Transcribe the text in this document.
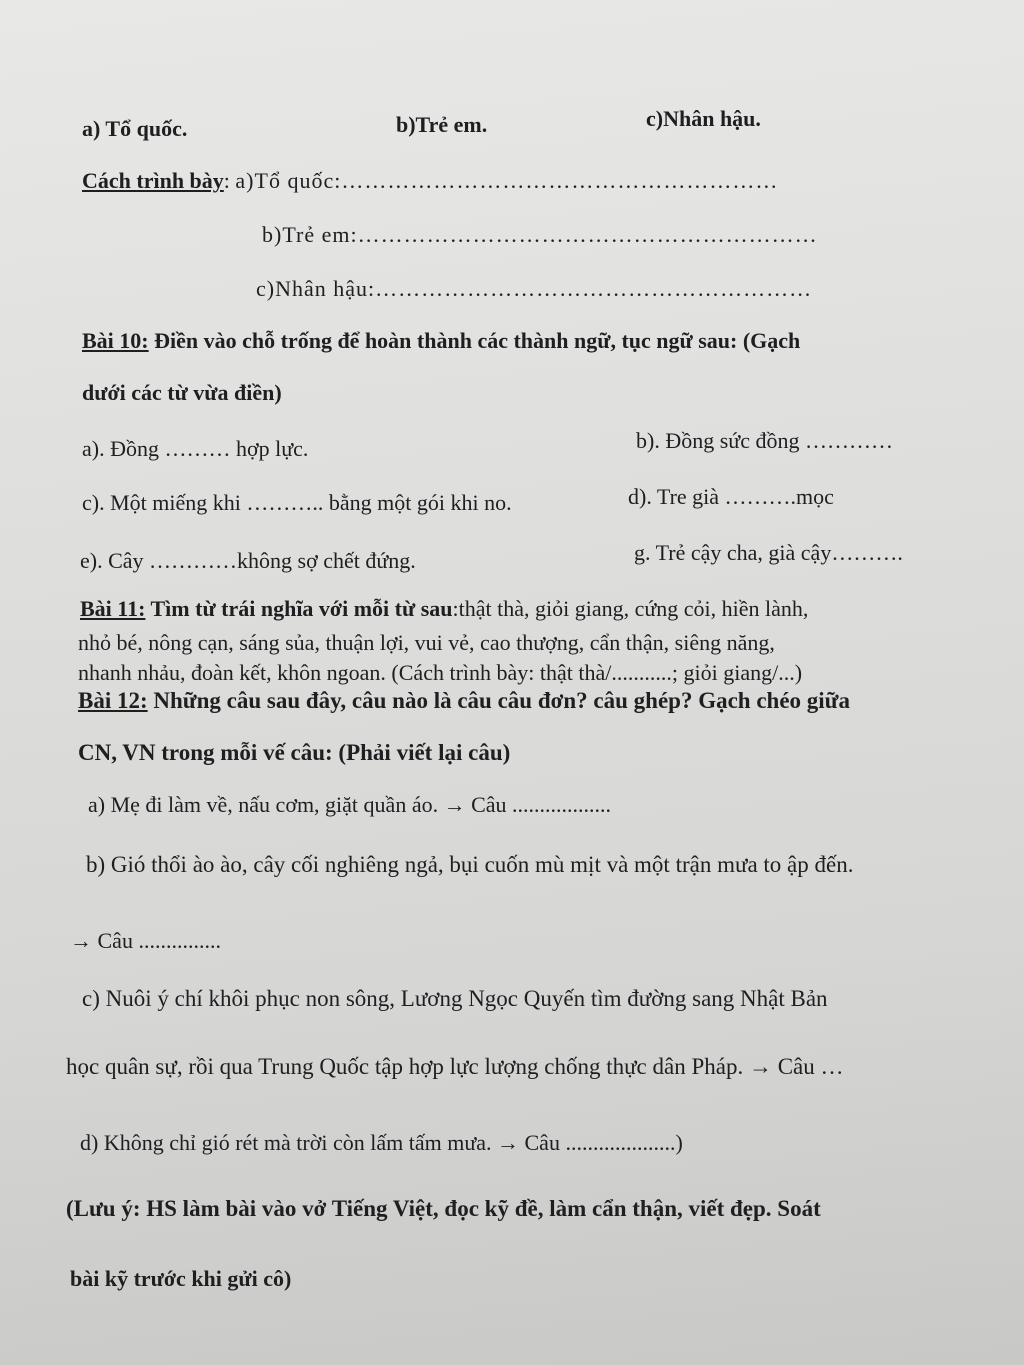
a) Tổ quốc.	b)Trẻ em.	c)Nhân hậu.
Cách trình bày: a)Tổ quốc:…………………………………………………
b)Trẻ em:……………………………………………………
c)Nhân hậu:…………………………………………………
Bài 10: Điền vào chỗ trống để hoàn thành các thành ngữ, tục ngữ sau: (Gạch
dưới các từ vừa điền)
a). Đồng ……… hợp lực.	b). Đồng sức đồng …………
c). Một miếng khi ……….. bằng một gói khi no.	d). Tre già ……….mọc
e). Cây …………không sợ chết đứng.	g. Trẻ cậy cha, già cậy……….
Bài 11: Tìm từ trái nghĩa với mỗi từ sau:thật thà, giỏi giang, cứng cỏi, hiền lành,
nhỏ bé, nông cạn, sáng sủa, thuận lợi, vui vẻ, cao thượng, cẩn thận, siêng năng,
nhanh nhảu, đoàn kết, khôn ngoan. (Cách trình bày: thật thà/...........; giỏi giang/...)
Bài 12: Những câu sau đây, câu nào là câu câu đơn? câu ghép? Gạch chéo giữa
CN, VN trong mỗi vế câu: (Phải viết lại câu)
a) Mẹ đi làm về, nấu cơm, giặt quần áo. → Câu ..................
b) Gió thổi ào ào, cây cối nghiêng ngả, bụi cuốn mù mịt và một trận mưa to ập đến.
→ Câu ...............
c) Nuôi ý chí khôi phục non sông, Lương Ngọc Quyến tìm đường sang Nhật Bản
học quân sự, rồi qua Trung Quốc tập hợp lực lượng chống thực dân Pháp. → Câu …
d) Không chỉ gió rét mà trời còn lấm tấm mưa. → Câu ....................)
(Lưu ý: HS làm bài vào vở Tiếng Việt, đọc kỹ đề, làm cẩn thận, viết đẹp. Soát
bài kỹ trước khi gửi cô)
